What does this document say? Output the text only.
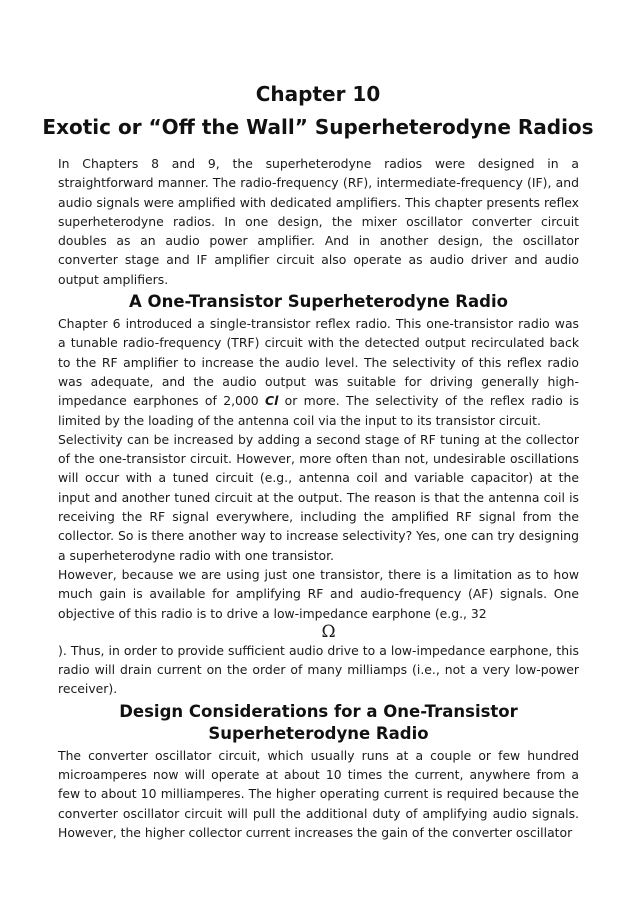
Chapter 10
Exotic or “Off the Wall” Superheterodyne Radios

In Chapters 8 and 9, the superheterodyne radios were designed in a straightforward manner. The radio-frequency (RF), intermediate-frequency (IF), and audio signals were amplified with dedicated amplifiers. This chapter presents reflex superheterodyne radios. In one design, the mixer oscillator converter circuit doubles as an audio power amplifier. And in another design, the oscillator converter stage and IF amplifier circuit also operate as audio driver and audio output amplifiers.

A One-Transistor Superheterodyne Radio

Chapter 6 introduced a single-transistor reflex radio. This one-transistor radio was a tunable radio-frequency (TRF) circuit with the detected output recirculated back to the RF amplifier to increase the audio level. The selectivity of this reflex radio was adequate, and the audio output was suitable for driving generally high-impedance earphones of 2,000 Cl or more. The selectivity of the reflex radio is limited by the loading of the antenna coil via the input to its transistor circuit.

Selectivity can be increased by adding a second stage of RF tuning at the collector of the one-transistor circuit. However, more often than not, undesirable oscillations will occur with a tuned circuit (e.g., antenna coil and variable capacitor) at the input and another tuned circuit at the output. The reason is that the antenna coil is receiving the RF signal everywhere, including the amplified RF signal from the collector. So is there another way to increase selectivity? Yes, one can try designing a superheterodyne radio with one transistor.

However, because we are using just one transistor, there is a limitation as to how much gain is available for amplifying RF and audio-frequency (AF) signals. One objective of this radio is to drive a low-impedance earphone (e.g., 32

Ω

). Thus, in order to provide sufficient audio drive to a low-impedance earphone, this radio will drain current on the order of many milliamps (i.e., not a very low-power receiver).

Design Considerations for a One-Transistor
Superheterodyne Radio

The converter oscillator circuit, which usually runs at a couple or few hundred microamperes now will operate at about 10 times the current, anywhere from a few to about 10 milliamperes. The higher operating current is required because the converter oscillator circuit will pull the additional duty of amplifying audio signals. However, the higher collector current increases the gain of the converter oscillator
